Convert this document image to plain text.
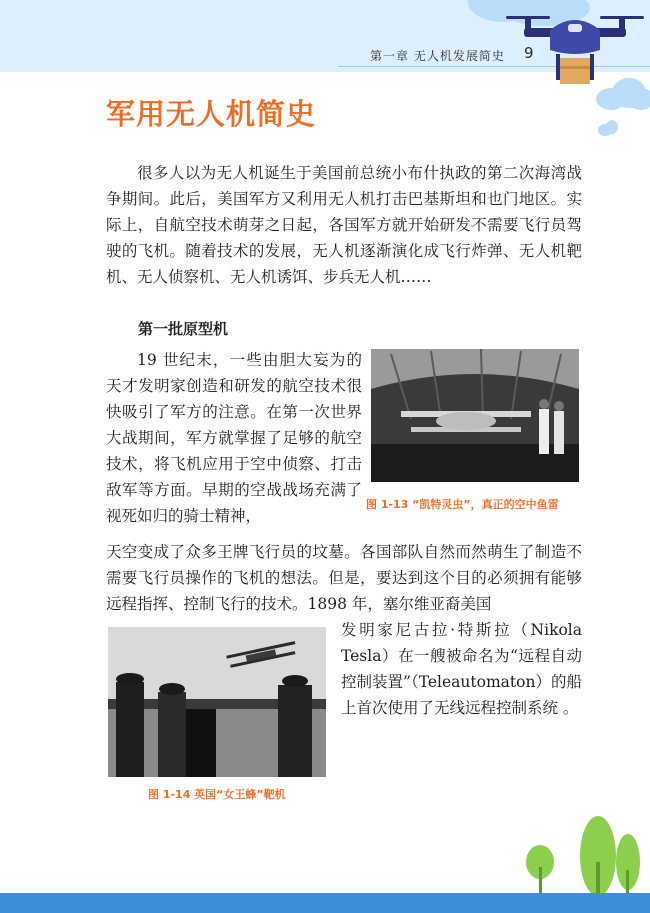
第一章 无人机发展简史 9
军用无人机简史

很多人以为无人机诞生于美国前总统小布什执政的第二次海湾战争期间。此后，美国军方又利用无人机打击巴基斯坦和也门地区。实际上，自航空技术萌芽之日起，各国军方就开始研发不需要飞行员驾驶的飞机。随着技术的发展，无人机逐渐演化成飞行炸弹、无人机靶机、无人侦察机、无人机诱饵、步兵无人机……

第一批原型机

19 世纪末，一些由胆大妄为的天才发明家创造和研发的航空技术很快吸引了军方的注意。在第一次世界大战期间，军方就掌握了足够的航空技术，将飞机应用于空中侦察、打击敌军等方面。早期的空战战场充满了视死如归的骑士精神，

图 1-13 “凯特灵虫”，真正的空中鱼雷

天空变成了众多王牌飞行员的坟墓。各国部队自然而然萌生了制造不需要飞行员操作的飞机的想法。但是，要达到这个目的必须拥有能够远程指挥、控制飞行的技术。1898 年，塞尔维亚裔美国

图 1-14 英国“女王蜂”靶机

发明家尼古拉·特斯拉（Nikola Tesla）在一艘被命名为“远程自动控制装置”（Teleautomaton）的船上首次使用了无线远程控制系统 。
